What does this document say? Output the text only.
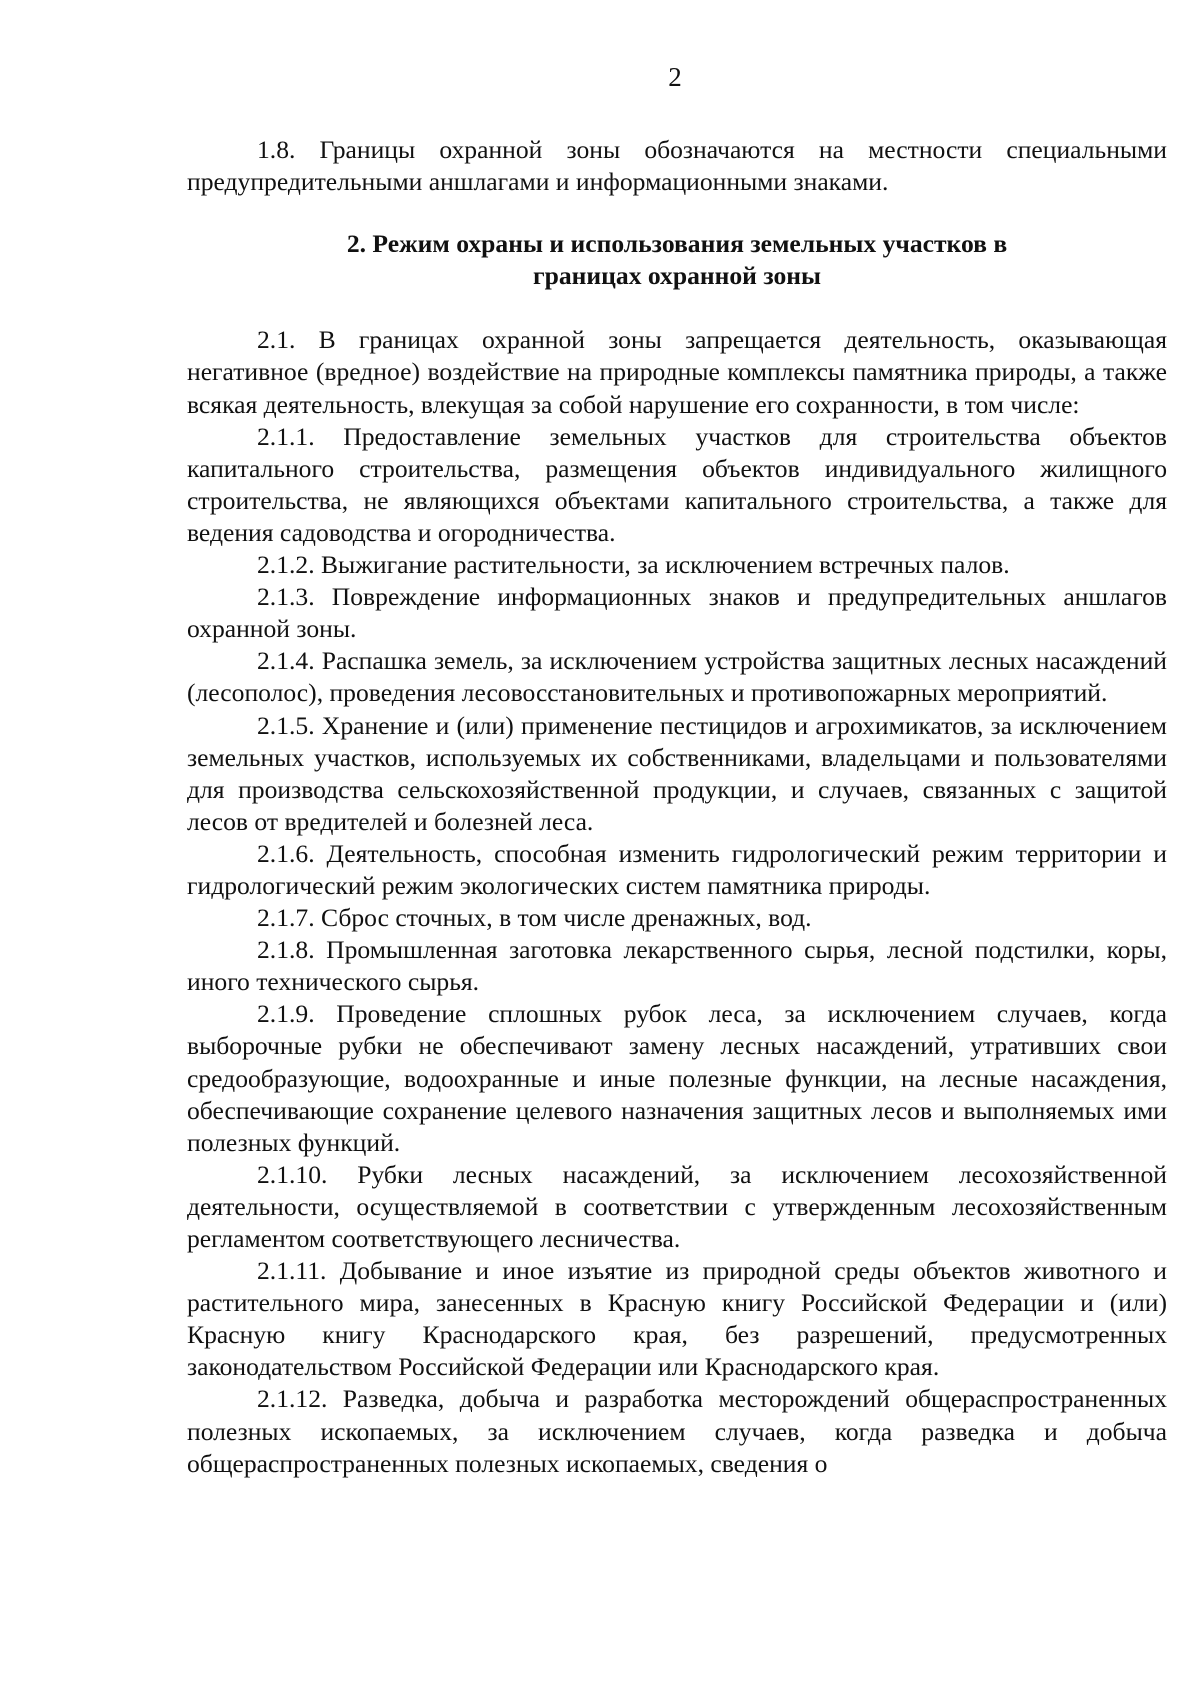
2

1.8. Границы охранной зоны обозначаются на местности специальными предупредительными аншлагами и информационными знаками.

2. Режим охраны и использования земельных участков в
границах охранной зоны

2.1. В границах охранной зоны запрещается деятельность, оказывающая негативное (вредное) воздействие на природные комплексы памятника природы, а также всякая деятельность, влекущая за собой нарушение его сохранности, в том числе:

2.1.1. Предоставление земельных участков для строительства объектов капитального строительства, размещения объектов индивидуального жилищного строительства, не являющихся объектами капитального строительства, а также для ведения садоводства и огородничества.

2.1.2. Выжигание растительности, за исключением встречных палов.

2.1.3. Повреждение информационных знаков и предупредительных аншлагов охранной зоны.

2.1.4. Распашка земель, за исключением устройства защитных лесных насаждений (лесополос), проведения лесовосстановительных и противопожарных мероприятий.

2.1.5. Хранение и (или) применение пестицидов и агрохимикатов, за исключением земельных участков, используемых их собственниками, владельцами и пользователями для производства сельскохозяйственной продукции, и случаев, связанных с защитой лесов от вредителей и болезней леса.

2.1.6. Деятельность, способная изменить гидрологический режим территории и гидрологический режим экологических систем памятника природы.

2.1.7. Сброс сточных, в том числе дренажных, вод.

2.1.8. Промышленная заготовка лекарственного сырья, лесной подстилки, коры, иного технического сырья.

2.1.9. Проведение сплошных рубок леса, за исключением случаев, когда выборочные рубки не обеспечивают замену лесных насаждений, утративших свои средообразующие, водоохранные и иные полезные функции, на лесные насаждения, обеспечивающие сохранение целевого назначения защитных лесов и выполняемых ими полезных функций.

2.1.10. Рубки лесных насаждений, за исключением лесохозяйственной деятельности, осуществляемой в соответствии с утвержденным лесохозяйственным регламентом соответствующего лесничества.

2.1.11. Добывание и иное изъятие из природной среды объектов животного и растительного мира, занесенных в Красную книгу Российской Федерации и (или) Красную книгу Краснодарского края, без разрешений, предусмотренных законодательством Российской Федерации или Краснодарского края.

2.1.12. Разведка, добыча и разработка месторождений общераспространенных полезных ископаемых, за исключением случаев, когда разведка и добыча общераспространенных полезных ископаемых, сведения о
